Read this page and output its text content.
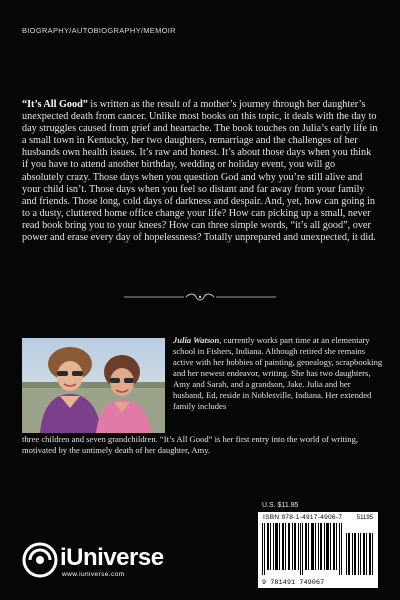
BIOGRAPHY/AUTOBIOGRAPHY/MEMOIR
“It’s All Good” is written as the result of a mother’s journey through her daughter’s unexpected death from cancer. Unlike most books on this topic, it deals with the day to day struggles caused from grief and heartache. The book touches on Julia’s early life in a small town in Kentucky, her two daughters, remarriage and the challenges of her husbands own health issues. It’s raw and honest. It’s about those days when you think if you have to attend another birthday, wedding or holiday event, you will go absolutely crazy. Those days when you question God and why you’re still alive and your child isn’t. Those days when you feel so distant and far away from your family and friends. Those long, cold days of darkness and despair. And, yet, how can going in to a dusty, cluttered home office change your life? How can picking up a small, never read book bring you to your knees? How can three simple words, “it’s all good”, over power and erase every day of hopelessness? Totally unprepared and unexpected, it did.
Julia Watson, currently works part time at an elementary school in Fishers, Indiana. Although retired she remains active with her hobbies of painting, genealogy, scrapbooking and her newest endeavor, writing. She has two daughters, Amy and Sarah, and a grandson, Jake. Julia and her husband, Ed, reside in Noblesville, Indiana. Her extended family includes
three children and seven grandchildren. “It’s All Good” is her first entry into the world of writing, motivated by the untimely death of her daughter, Amy.
U.S. $11.95
ISBN 978-1-4917-4906-7	51195
9 781491 749067
iUniverse
www.iuniverse.com
